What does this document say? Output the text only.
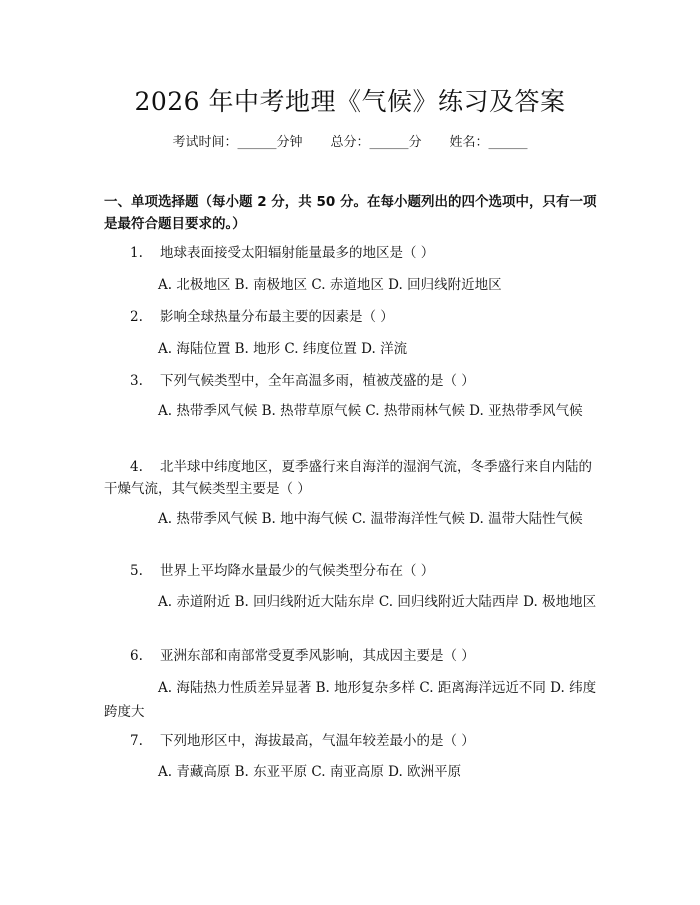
2026 年中考地理《气候》练习及答案
考试时间：______分钟 总分：______分 姓名：______
一、单项选择题（每小题 2 分，共 50 分。在每小题列出的四个选项中，只有一项是最符合题目要求的。）
1. 地球表面接受太阳辐射能量最多的地区是（ ）
A. 北极地区 B. 南极地区 C. 赤道地区 D. 回归线附近地区
2. 影响全球热量分布最主要的因素是（ ）
A. 海陆位置 B. 地形 C. 纬度位置 D. 洋流
3. 下列气候类型中，全年高温多雨，植被茂盛的是（ ）
A. 热带季风气候 B. 热带草原气候 C. 热带雨林气候 D. 亚热带季风气候
4. 北半球中纬度地区，夏季盛行来自海洋的湿润气流，冬季盛行来自内陆的干燥气流，其气候类型主要是（ ）
A. 热带季风气候 B. 地中海气候 C. 温带海洋性气候 D. 温带大陆性气候
5. 世界上平均降水量最少的气候类型分布在（ ）
A. 赤道附近 B. 回归线附近大陆东岸 C. 回归线附近大陆西岸 D. 极地地区
6. 亚洲东部和南部常受夏季风影响，其成因主要是（ ）
A. 海陆热力性质差异显著 B. 地形复杂多样 C. 距离海洋远近不同 D. 纬度跨度大
7. 下列地形区中，海拔最高，气温年较差最小的是（ ）
A. 青藏高原 B. 东亚平原 C. 南亚高原 D. 欧洲平原
